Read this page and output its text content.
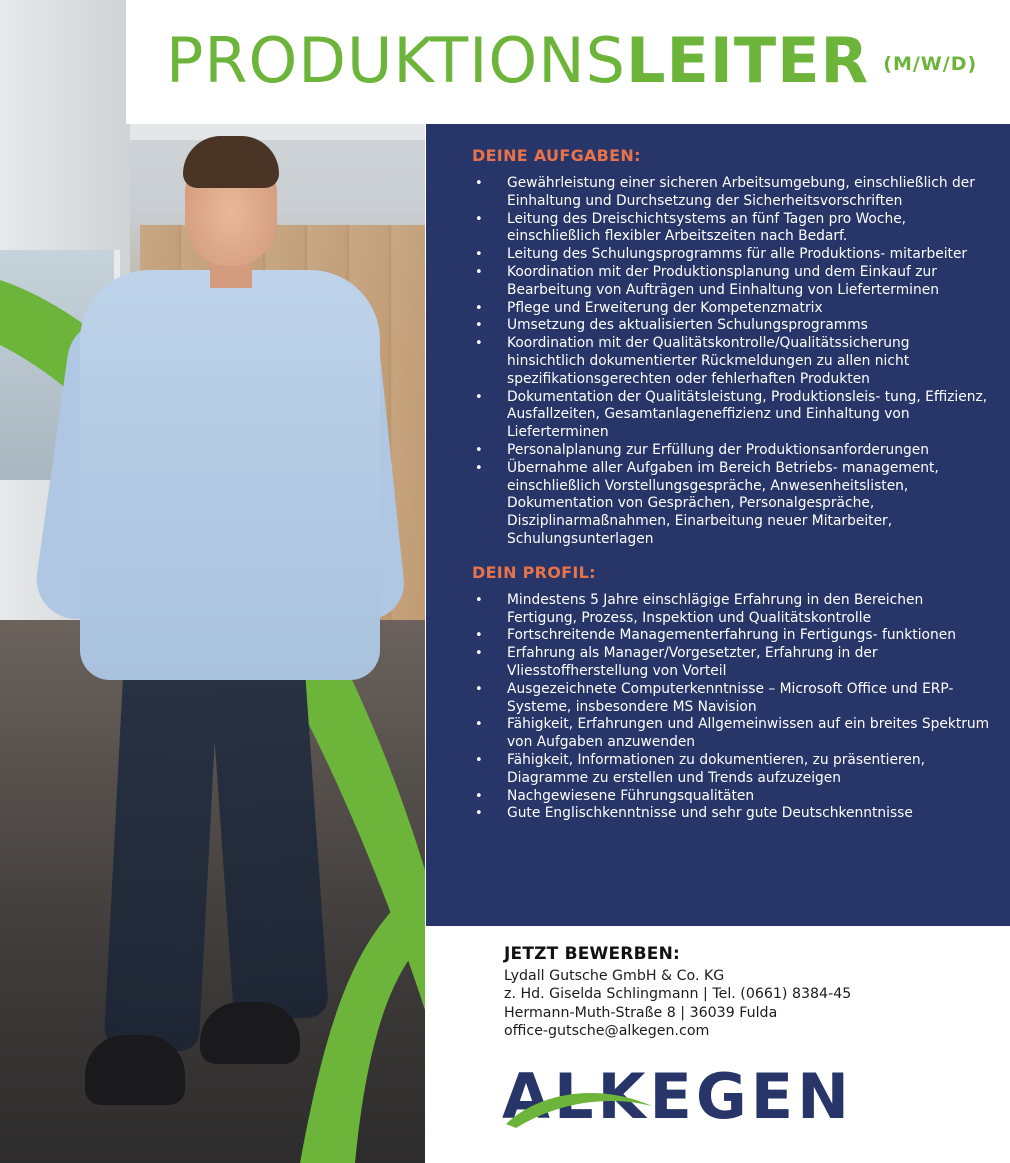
PRODUKTIONSLEITER (M/W/D)
DEINE AUFGABEN:
• Gewährleistung einer sicheren Arbeitsumgebung, einschließlich der Einhaltung und Durchsetzung der Sicherheitsvorschriften
• Leitung des Dreischichtsystems an fünf Tagen pro Woche, einschließlich flexibler Arbeitszeiten nach Bedarf.
• Leitung des Schulungsprogramms für alle Produktions- mitarbeiter
• Koordination mit der Produktionsplanung und dem Einkauf zur Bearbeitung von Aufträgen und Einhaltung von Lieferterminen
• Pflege und Erweiterung der Kompetenzmatrix
• Umsetzung des aktualisierten Schulungsprogramms
• Koordination mit der Qualitätskontrolle/Qualitätssicherung hinsichtlich dokumentierter Rückmeldungen zu allen nicht spezifikationsgerechten oder fehlerhaften Produkten
• Dokumentation der Qualitätsleistung, Produktionsleis- tung, Effizienz, Ausfallzeiten, Gesamtanlageneffizienz und Einhaltung von Lieferterminen
• Personalplanung zur Erfüllung der Produktionsanforderungen
• Übernahme aller Aufgaben im Bereich Betriebs- management, einschließlich Vorstellungsgespräche, Anwesenheitslisten, Dokumentation von Gesprächen, Personalgespräche, Disziplinarmaßnahmen, Einarbeitung neuer Mitarbeiter, Schulungsunterlagen
DEIN PROFIL:
• Mindestens 5 Jahre einschlägige Erfahrung in den Bereichen Fertigung, Prozess, Inspektion und Qualitätskontrolle
• Fortschreitende Managementerfahrung in Fertigungs- funktionen
• Erfahrung als Manager/Vorgesetzter, Erfahrung in der Vliesstoffherstellung von Vorteil
• Ausgezeichnete Computerkenntnisse – Microsoft Office und ERP-Systeme, insbesondere MS Navision
• Fähigkeit, Erfahrungen und Allgemeinwissen auf ein breites Spektrum von Aufgaben anzuwenden
• Fähigkeit, Informationen zu dokumentieren, zu präsentieren, Diagramme zu erstellen und Trends aufzuzeigen
• Nachgewiesene Führungsqualitäten
• Gute Englischkenntnisse und sehr gute Deutschkenntnisse
JETZT BEWERBEN:
Lydall Gutsche GmbH & Co. KG
z. Hd. Giselda Schlingmann | Tel. (0661) 8384-45
Hermann-Muth-Straße 8 | 36039 Fulda
office-gutsche@alkegen.com
ALKEGEN
